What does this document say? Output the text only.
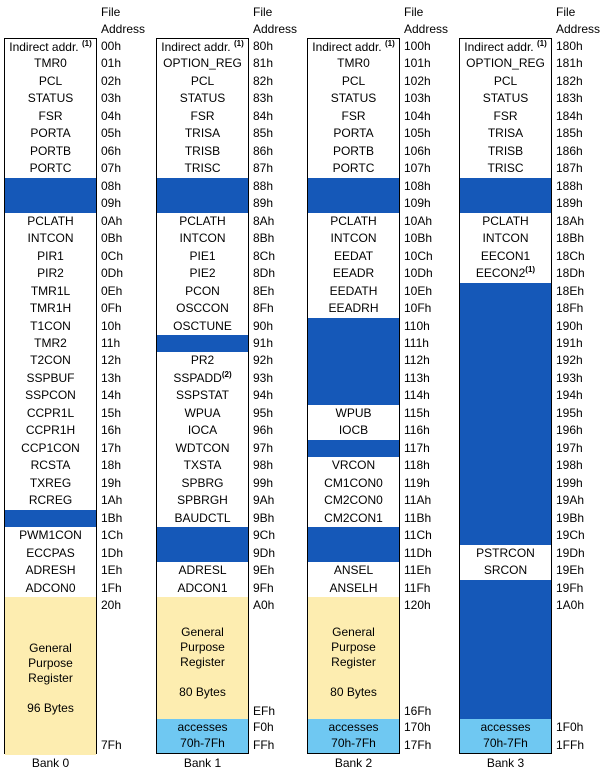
File
Address
00h
01h
02h
03h
04h
05h
06h
07h
08h
09h
0Ah
0Bh
0Ch
0Dh
0Eh
0Fh
10h
11h
12h
13h
14h
15h
16h
17h
18h
19h
1Ah
1Bh
1Ch
1Dh
1Eh
1Fh
20h
7Fh
Indirect addr. $^{(1)}$
TMR0
PCL
STATUS
FSR
PORTA
PORTB
PORTC
PCLATH
INTCON
PIR1
PIR2
TMR1L
TMR1H
T1CON
TMR2
T2CON
SSPBUF
SSPCON
CCPR1L
CCPR1H
CCP1CON
RCSTA
TXREG
RCREG
PWM1CON
ECCPAS
ADRESH
ADCON0
General
Purpose
Register
96 Bytes
Bank 0
File
Address
80h
81h
82h
83h
84h
85h
86h
87h
88h
89h
8Ah
8Bh
8Ch
8Dh
8Eh
8Fh
90h
91h
92h
93h
94h
95h
96h
97h
98h
99h
9Ah
9Bh
9Ch
9Dh
9Eh
9Fh
A0h
EFh
F0h
FFh
Indirect addr. $^{(1)}$
OPTION_REG
PCL
STATUS
FSR
TRISA
TRISB
TRISC
PCLATH
INTCON
PIE1
PIE2
PCON
OSCCON
OSCTUNE
PR2
SSPADD$^{(2)}$
SSPSTAT
WPUA
IOCA
WDTCON
TXSTA
SPBRG
SPBRGH
BAUDCTL
ADRESL
ADCON1
General
Purpose
Register
80 Bytes
accesses
70h-7Fh
Bank 1
File
Address
100h
101h
102h
103h
104h
105h
106h
107h
108h
109h
10Ah
10Bh
10Ch
10Dh
10Eh
10Fh
110h
111h
112h
113h
114h
115h
116h
117h
118h
119h
11Ah
11Bh
11Ch
11Dh
11Eh
11Fh
120h
16Fh
170h
17Fh
Indirect addr. $^{(1)}$
TMR0
PCL
STATUS
FSR
PORTA
PORTB
PORTC
PCLATH
INTCON
EEDAT
EEADR
EEDATH
EEADRH
WPUB
IOCB
VRCON
CM1CON0
CM2CON0
CM2CON1
ANSEL
ANSELH
General
Purpose
Register
80 Bytes
accesses
70h-7Fh
Bank 2
File
Address
180h
181h
182h
183h
184h
185h
186h
187h
188h
189h
18Ah
18Bh
18Ch
18Dh
18Eh
18Fh
190h
191h
192h
193h
194h
195h
196h
197h
198h
199h
19Ah
19Bh
19Ch
19Dh
19Eh
19Fh
1A0h
1F0h
1FFh
Indirect addr. $^{(1)}$
OPTION_REG
PCL
STATUS
FSR
TRISA
TRISB
TRISC
PCLATH
INTCON
EECON1
EECON2$^{(1)}$
PSTRCON
SRCON
accesses
70h-7Fh
Bank 3
